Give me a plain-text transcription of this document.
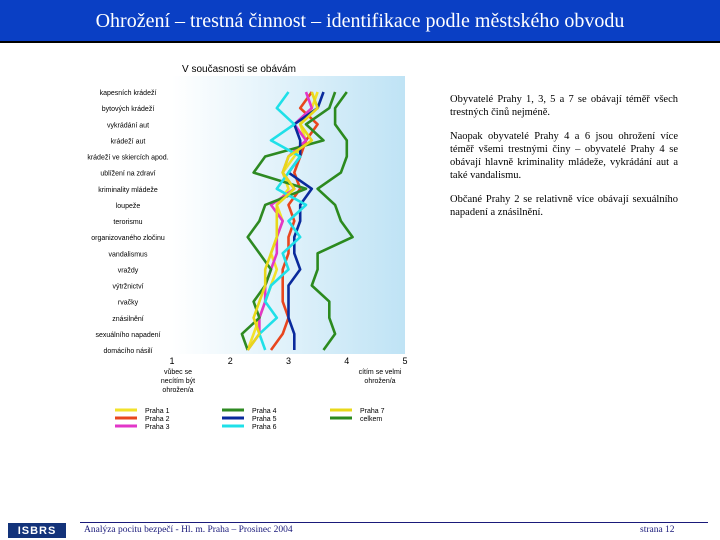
Ohrožení – trestná činnost – identifikace podle městského obvodu
V současnosti se obávám
kapesních krádeží
bytových krádeží
vykrádání aut
krádeží aut
krádeží ve skiercích apod.
ublížení na zdraví
kriminality mládeže
loupeže
terorismu
organizovaného zločinu
vandalismus
vraždy
výtržnictví
rvačky
znásilnění
sexuálního napadení
domácího násilí
1	2	3	4	5
vůbec se necítím být ohrožen/a
cítím se velmi ohrožen/a
Praha 1
Praha 2
Praha 3
Praha 4
Praha 5
Praha 6
Praha 7
celkem

Obyvatelé Prahy 1, 3, 5 a 7 se obávají téměř všech trestných činů nejméně.

Naopak obyvatelé Prahy 4 a 6 jsou ohrožení více téměř všemi trestnými činy – obyvatelé Prahy 4 se obávají hlavně kriminality mládeže, vykrádání aut a také vandalismu.

Občané Prahy 2 se relativně více obávají sexuálního napadení a znásilnění.

ISBRS	Analýza pocitu bezpečí - Hl. m. Praha – Prosinec 2004	strana 12
